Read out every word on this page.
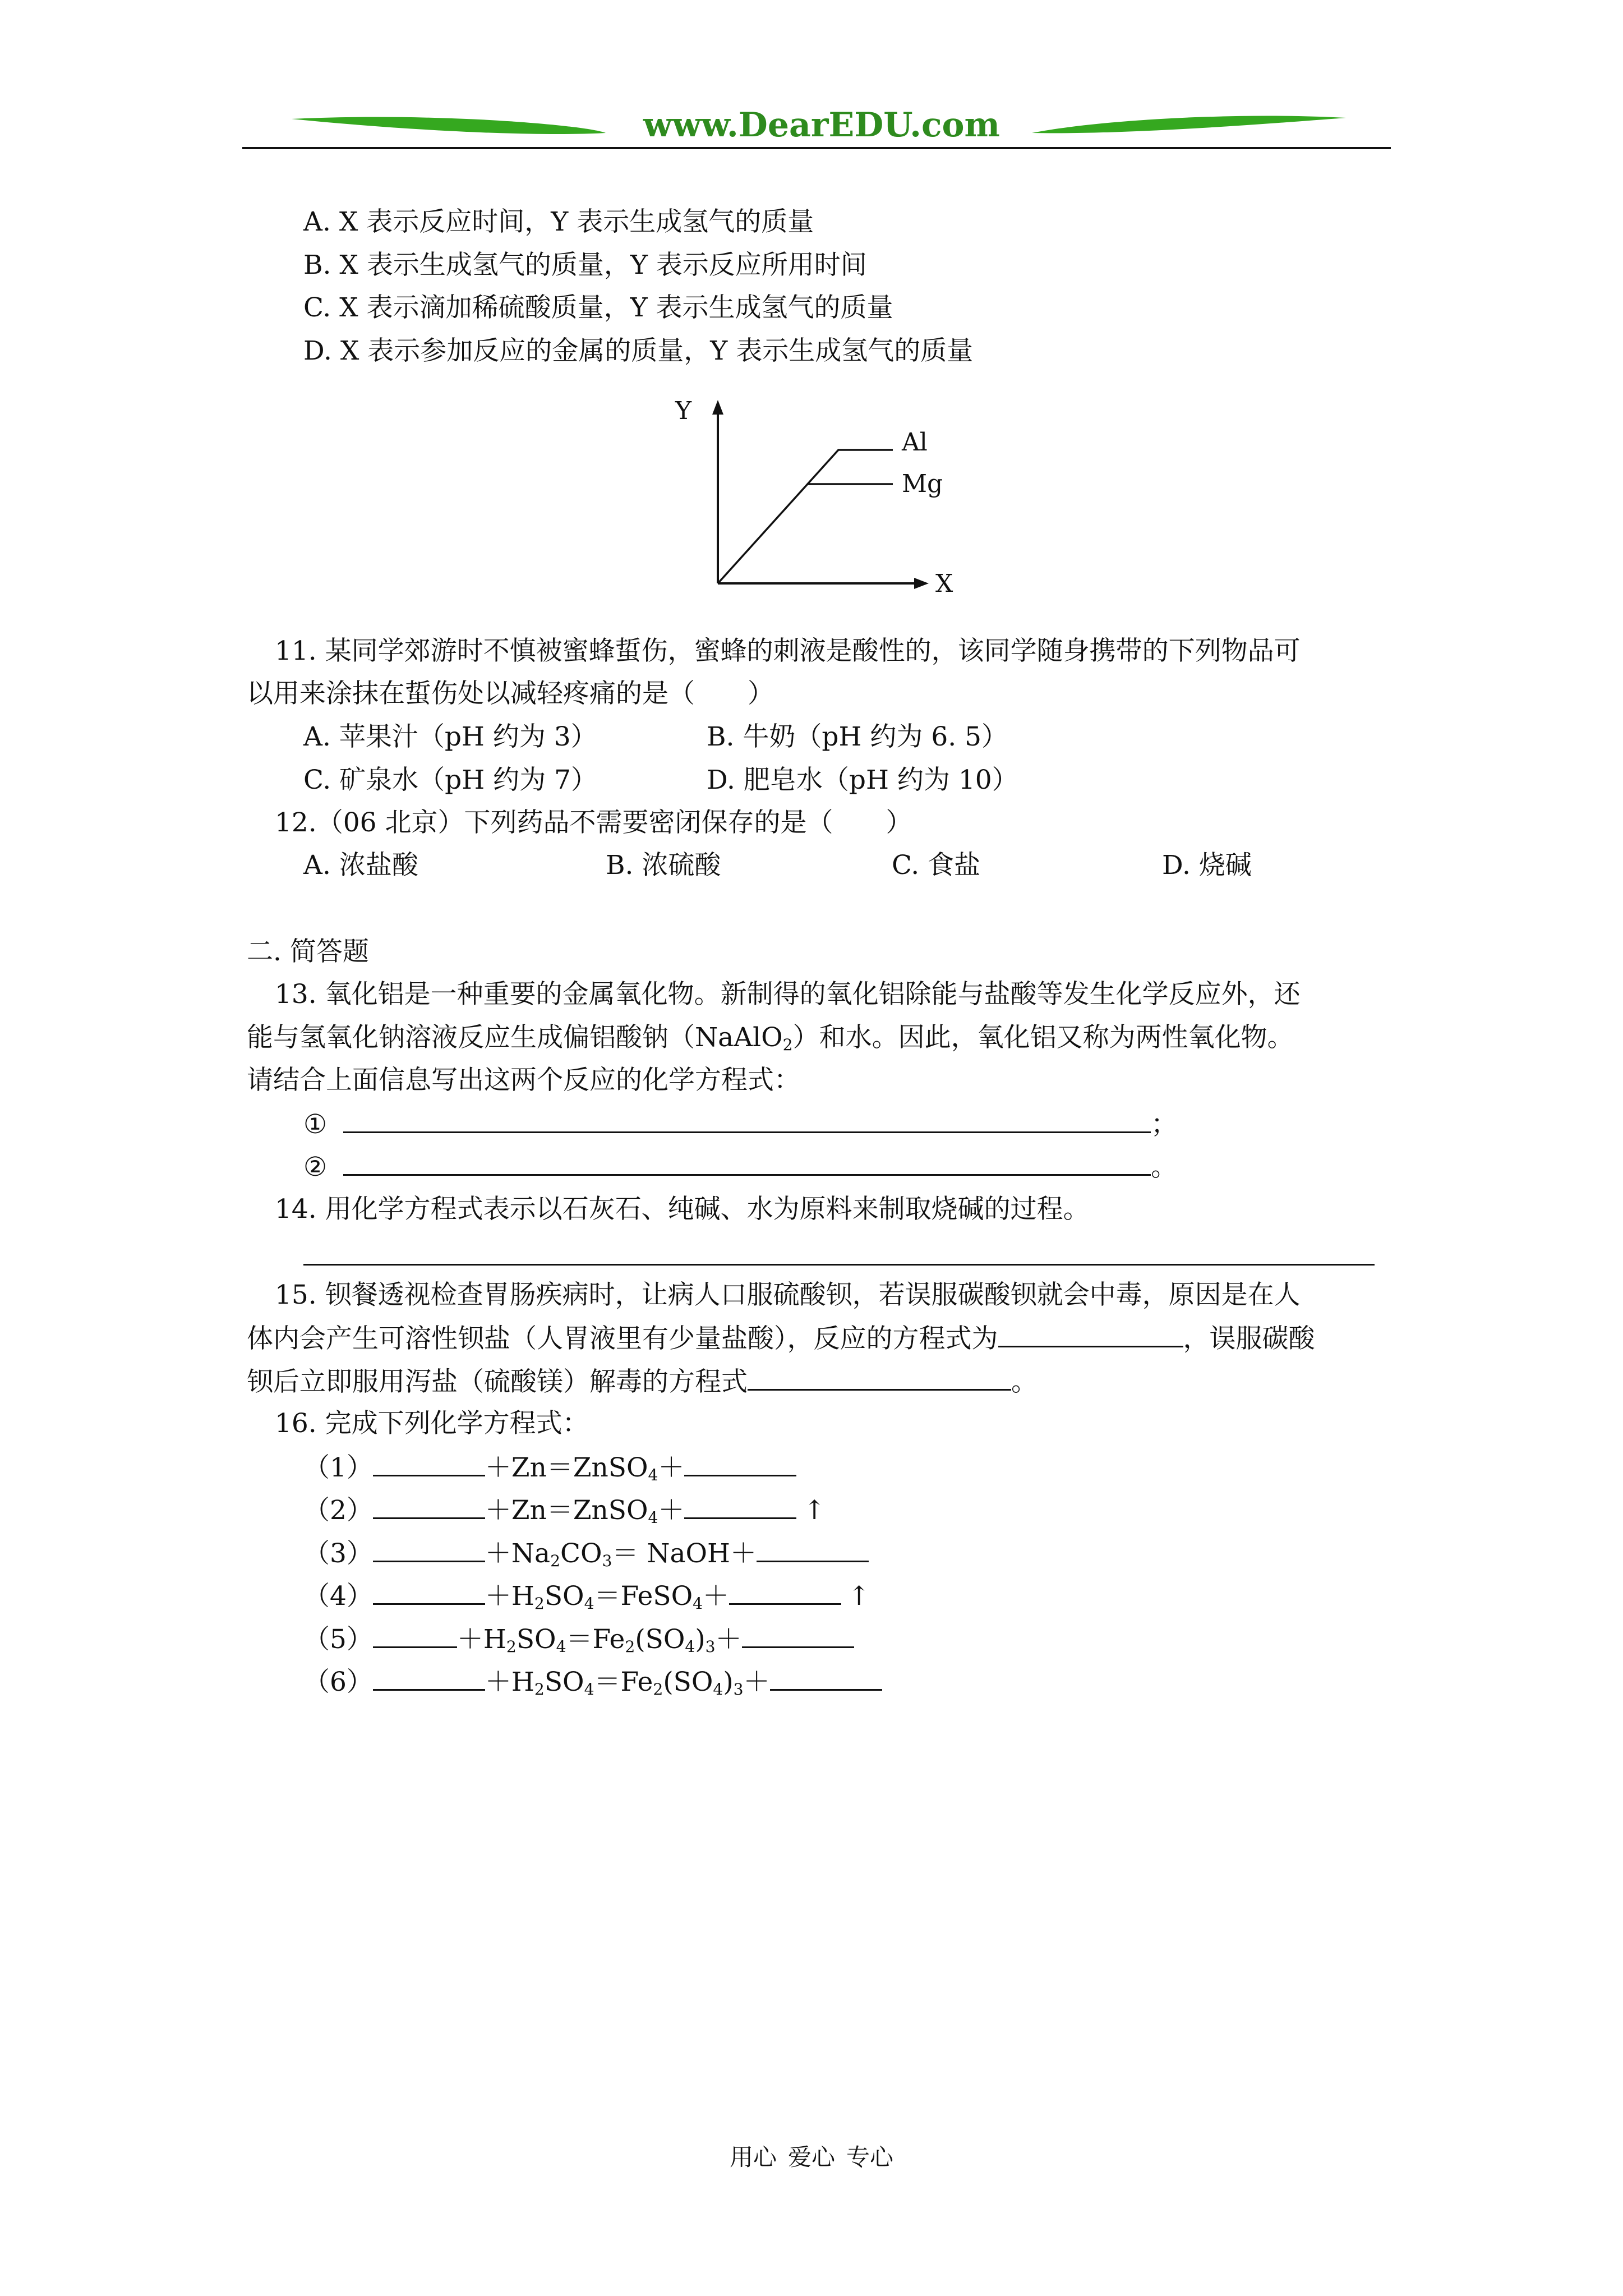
www.DearEDU.com
A. X 表示反应时间，Y 表示生成氢气的质量
B. X 表示生成氢气的质量，Y 表示反应所用时间
C. X 表示滴加稀硫酸质量，Y 表示生成氢气的质量
D. X 表示参加反应的金属的质量，Y 表示生成氢气的质量
Y
X
Al
Mg
11. 某同学郊游时不慎被蜜蜂蜇伤，蜜蜂的刺液是酸性的，该同学随身携带的下列物品可
以用来涂抹在蜇伤处以减轻疼痛的是（　　）
A. 苹果汁（pH 约为 3）	B. 牛奶（pH 约为 6. 5）
C. 矿泉水（pH 约为 7）	D. 肥皂水（pH 约为 10）
12.（06 北京）下列药品不需要密闭保存的是（　　）
A. 浓盐酸	B. 浓硫酸	C. 食盐	D. 烧碱
二. 简答题
13. 氧化铝是一种重要的金属氧化物。新制得的氧化铝除能与盐酸等发生化学反应外，还
能与氢氧化钠溶液反应生成偏铝酸钠（NaAlO$_2$）和水。因此，氧化铝又称为两性氧化物。
请结合上面信息写出这两个反应的化学方程式：
①	；
②	。
14. 用化学方程式表示以石灰石、纯碱、水为原料来制取烧碱的过程。
15. 钡餐透视检查胃肠疾病时，让病人口服硫酸钡，若误服碳酸钡就会中毒，原因是在人
体内会产生可溶性钡盐（人胃液里有少量盐酸），反应的方程式为	，误服碳酸
钡后立即服用泻盐（硫酸镁）解毒的方程式	。
16. 完成下列化学方程式：
（1）	＋Zn＝ZnSO$_4$＋
（2）	＋Zn＝ZnSO$_4$＋	↑
（3）	$+Na_2CO_3=$ NaOH＋
（4）	$+H_2SO_4=FeSO_4+$	↑
（5）	$+H_2SO_4=Fe_2(SO_4)_3+$
（6）	$+H_2SO_4=Fe_2(SO_4)_3+$
用心 爱心 专心
